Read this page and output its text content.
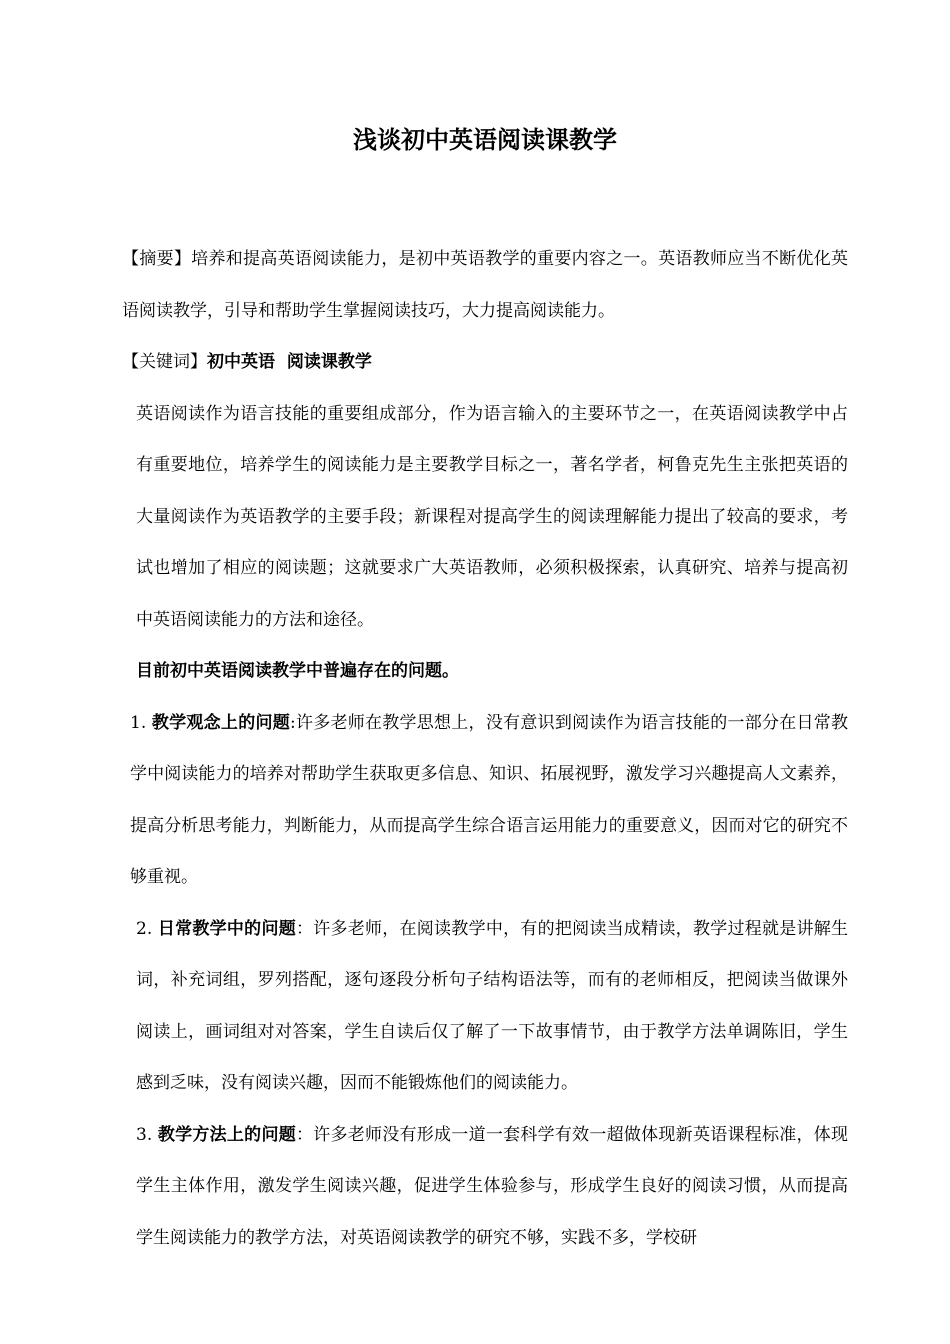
浅谈初中英语阅读课教学

【摘要】培养和提高英语阅读能力，是初中英语教学的重要内容之一。英语教师应当不断优化英语阅读教学，引导和帮助学生掌握阅读技巧，大力提高阅读能力。

【关键词】初中英语  阅读课教学

英语阅读作为语言技能的重要组成部分，作为语言输入的主要环节之一，在英语阅读教学中占有重要地位，培养学生的阅读能力是主要教学目标之一，著名学者，柯鲁克先生主张把英语的大量阅读作为英语教学的主要手段；新课程对提高学生的阅读理解能力提出了较高的要求，考试也增加了相应的阅读题；这就要求广大英语教师，必须积极探索，认真研究、培养与提高初中英语阅读能力的方法和途径。

目前初中英语阅读教学中普遍存在的问题。

1. 教学观念上的问题:许多老师在教学思想上，没有意识到阅读作为语言技能的一部分在日常教学中阅读能力的培养对帮助学生获取更多信息、知识、拓展视野，激发学习兴趣提高人文素养，提高分析思考能力，判断能力，从而提高学生综合语言运用能力的重要意义，因而对它的研究不够重视。

2. 日常教学中的问题：许多老师，在阅读教学中，有的把阅读当成精读，教学过程就是讲解生词，补充词组，罗列搭配，逐句逐段分析句子结构语法等，而有的老师相反，把阅读当做课外阅读上，画词组对对答案，学生自读后仅了解了一下故事情节，由于教学方法单调陈旧，学生感到乏味，没有阅读兴趣，因而不能锻炼他们的阅读能力。

3. 教学方法上的问题：许多老师没有形成一道一套科学有效一超做体现新英语课程标准，体现学生主体作用，激发学生阅读兴趣，促进学生体验参与，形成学生良好的阅读习惯，从而提高学生阅读能力的教学方法，对英语阅读教学的研究不够，实践不多，学校研
